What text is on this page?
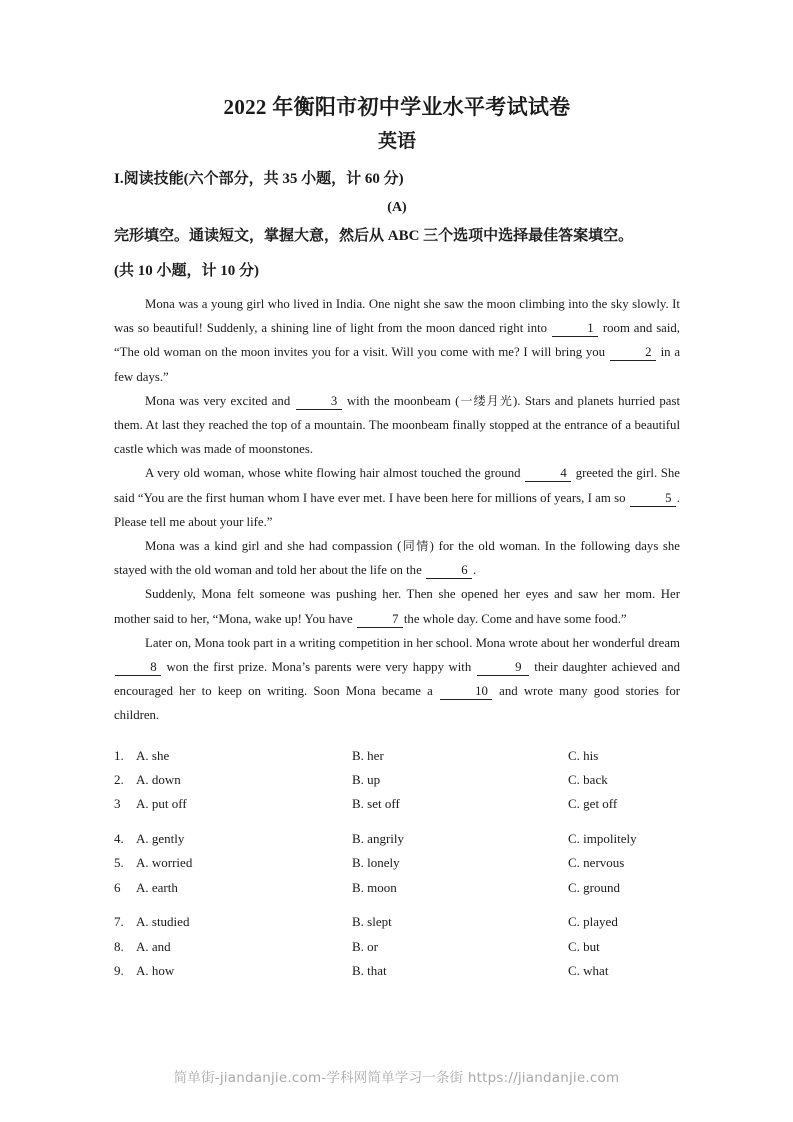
2022 年衡阳市初中学业水平考试试卷
英语
I.阅读技能(六个部分，共 35 小题，计 60 分)
(A)
完形填空。通读短文，掌握大意，然后从 ABC 三个选项中选择最佳答案填空。
(共 10 小题，计 10 分)

Mona was a young girl who lived in India. One night she saw the moon climbing into the sky slowly. It was so beautiful! Suddenly, a shining line of light from the moon danced right into	1 room and said, “The old woman on the moon invites you for a visit. Will you come with me? I will bring you	2 in a few days.”

Mona was very excited and	3 with the moonbeam (一缕月光). Stars and planets hurried past them. At last they reached the top of a mountain. The moonbeam finally stopped at the entrance of a beautiful castle which was made of moonstones.

A very old woman, whose white flowing hair almost touched the ground	4 greeted the girl. She said “You are the first human whom I have ever met. I have been here for millions of years, I am so	5 . Please tell me about your life.”

Mona was a kind girl and she had compassion (同情) for the old woman. In the following days she stayed with the old woman and told her about the life on the	6 .

Suddenly, Mona felt someone was pushing her. Then she opened her eyes and saw her mom. Her mother said to her, “Mona, wake up! You have	7 the whole day. Come and have some food.”

Later on, Mona took part in a writing competition in her school. Mona wrote about her wonderful dream 8 won the first prize. Mona’s parents were very happy with	9 their daughter achieved and encouraged her to keep on writing. Soon Mona became a	10 and wrote many good stories for children.

1. A. she	B. her	C. his
2. A. down	B. up	C. back
3	A. put off	B. set off	C. get off
4. A. gently	B. angrily	C. impolitely
5. A. worried	B. lonely	C. nervous
6	A. earth	B. moon	C. ground
7. A. studied	B. slept	C. played
8. A. and	B. or	C. but
9. A. how	B. that	C. what
简单街-jiandanjie.com-学科网简单学习一条街 https://jiandanjie.com
